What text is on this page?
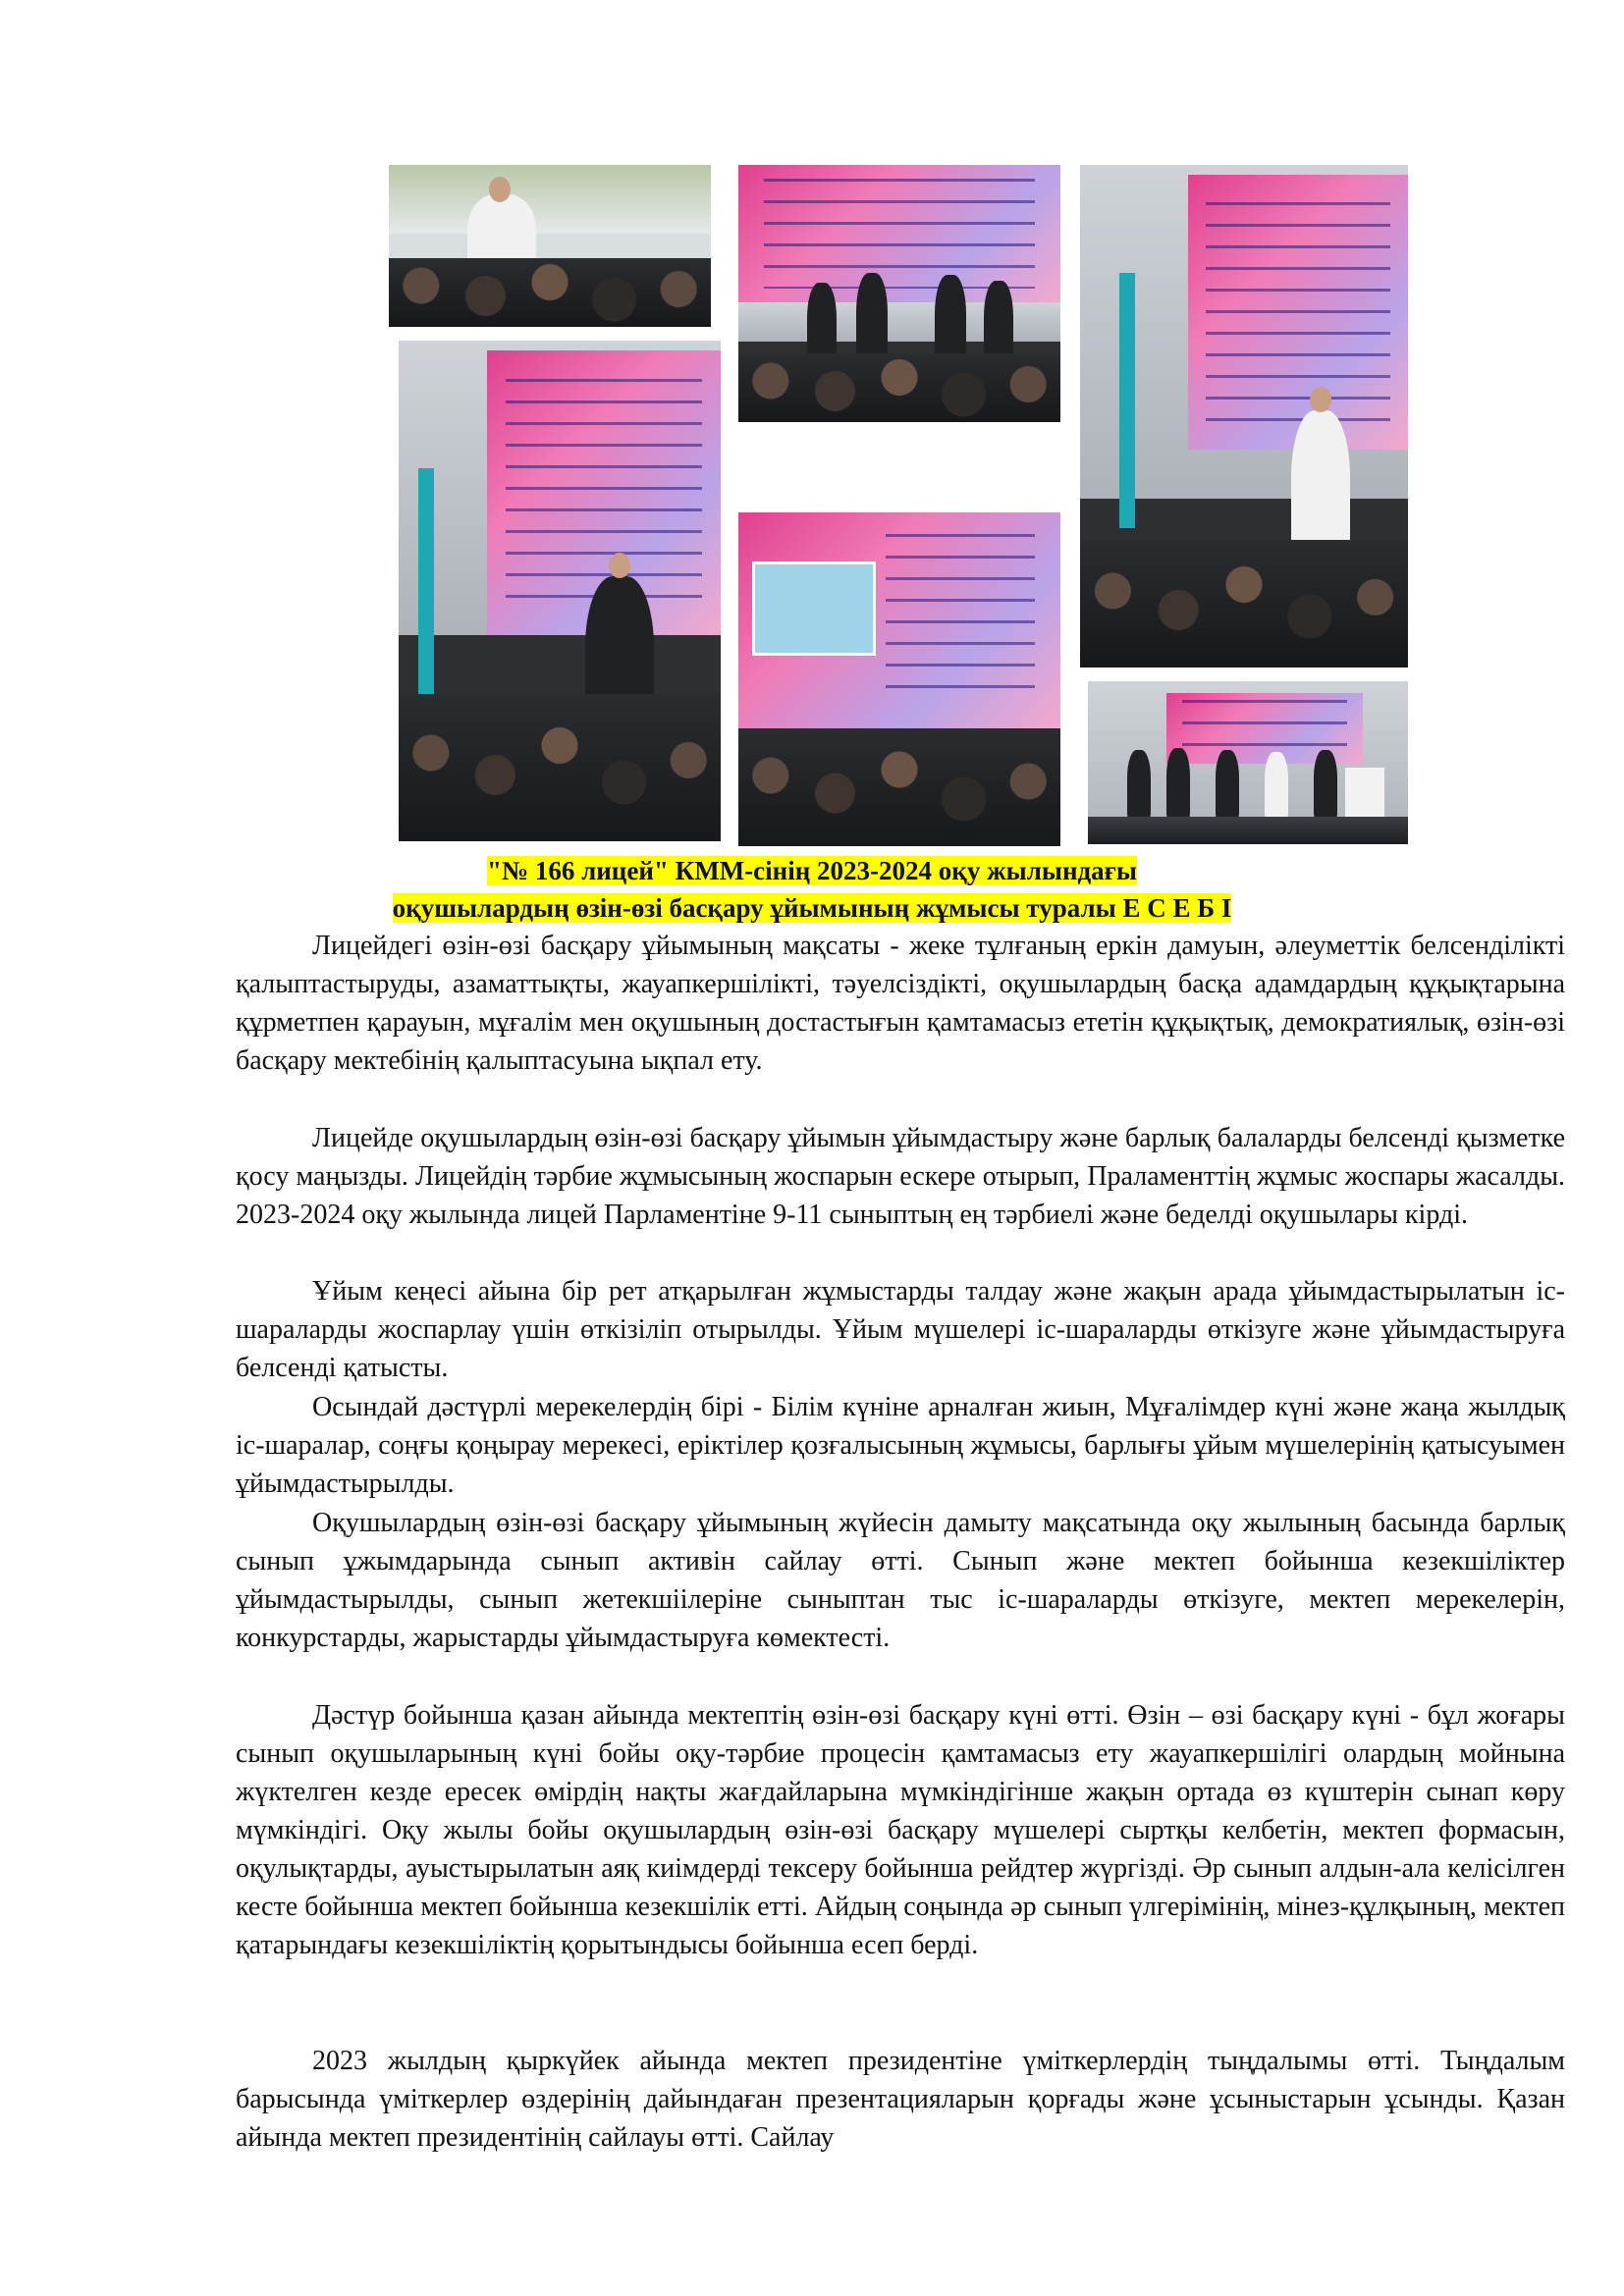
"№ 166 лицей" КММ-сінің 2023-2024 оқу жылындағы
оқушылардың өзін-өзі басқару ұйымының жұмысы туралы Е С Е Б І

Лицейдегі өзін-өзі басқару ұйымының мақсаты - жеке тұлғаның еркін дамуын, әлеуметтік белсенділікті қалыптастыруды, азаматтықты, жауапкершілікті, тәуелсіздікті, оқушылардың басқа адамдардың құқықтарына құрметпен қарауын, мұғалім мен оқушының достастығын қамтамасыз ететін құқықтық, демократиялық, өзін-өзі басқару мектебінің қалыптасуына ықпал ету.

Лицейде оқушылардың өзін-өзі басқару ұйымын ұйымдастыру және барлық балаларды белсенді қызметке қосу маңызды. Лицейдің тәрбие жұмысының жоспарын ескере отырып, Праламенттің жұмыс жоспары жасалды. 2023-2024 оқу жылында лицей Парламентіне 9-11 сыныптың ең тәрбиелі және беделді оқушылары кірді.

Ұйым кеңесі айына бір рет атқарылған жұмыстарды талдау және жақын арада ұйымдастырылатын іс-шараларды жоспарлау үшін өткізіліп отырылды. Ұйым мүшелері іс-шараларды өткізуге және ұйымдастыруға белсенді қатысты.

Осындай дәстүрлі мерекелердің бірі - Білім күніне арналған жиын, Мұғалімдер күні және жаңа жылдық іс-шаралар, соңғы қоңырау мерекесі, еріктілер қозғалысының жұмысы, барлығы ұйым мүшелерінің қатысуымен ұйымдастырылды.

Оқушылардың өзін-өзі басқару ұйымының жүйесін дамыту мақсатында оқу жылының басында барлық сынып ұжымдарында сынып активін сайлау өтті. Сынып және мектеп бойынша кезекшіліктер ұйымдастырылды, сынып жетекшіілеріне сыныптан тыс іс-шараларды өткізуге, мектеп мерекелерін, конкурстарды, жарыстарды ұйымдастыруға көмектесті.

Дәстүр бойынша қазан айында мектептің өзін-өзі басқару күні өтті. Өзін – өзі басқару күні - бұл жоғары сынып оқушыларының күні бойы оқу-тәрбие процесін қамтамасыз ету жауапкершілігі олардың мойнына жүктелген кезде ересек өмірдің нақты жағдайларына мүмкіндігінше жақын ортада өз күштерін сынап көру мүмкіндігі. Оқу жылы бойы оқушылардың өзін-өзі басқару мүшелері сыртқы келбетін, мектеп формасын, оқулықтарды, ауыстырылатын аяқ киімдерді тексеру бойынша рейдтер жүргізді. Әр сынып алдын-ала келісілген кесте бойынша мектеп бойынша кезекшілік етті. Айдың соңында әр сынып үлгерімінің, мінез-құлқының, мектеп қатарындағы кезекшіліктің қорытындысы бойынша есеп берді.

2023 жылдың қыркүйек айында мектеп президентіне үміткерлердің тыңдалымы өтті. Тыңдалым барысында үміткерлер өздерінің дайындаған презентацияларын қорғады және ұсыныстарын ұсынды. Қазан айында мектеп президентінің сайлауы өтті. Сайлау
